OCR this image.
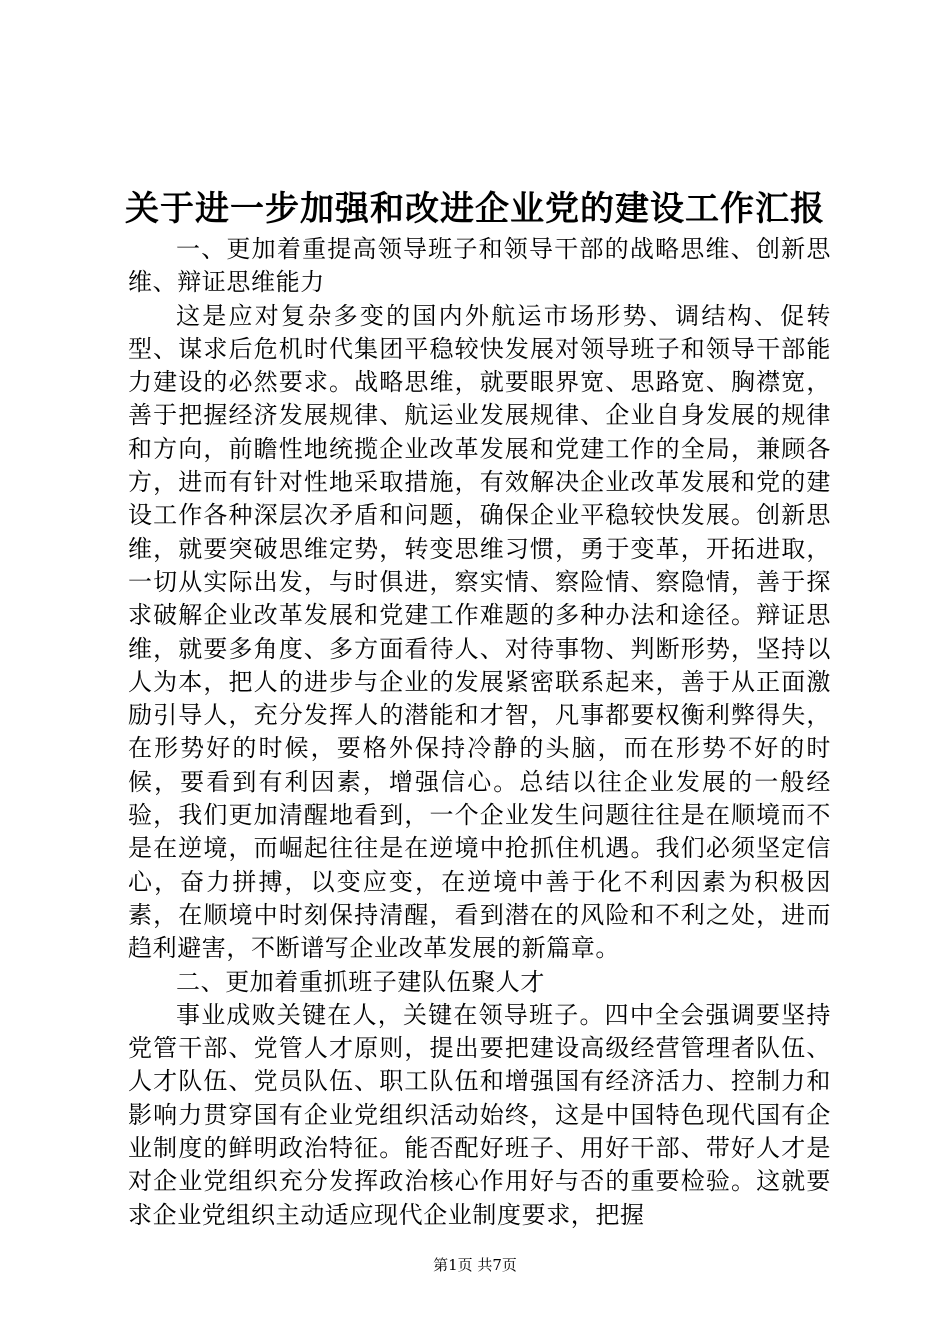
关于进一步加强和改进企业党的建设工作汇报

一、更加着重提高领导班子和领导干部的战略思维、创新思维、辩证思维能力

这是应对复杂多变的国内外航运市场形势、调结构、促转型、谋求后危机时代集团平稳较快发展对领导班子和领导干部能力建设的必然要求。战略思维，就要眼界宽、思路宽、胸襟宽，善于把握经济发展规律、航运业发展规律、企业自身发展的规律和方向，前瞻性地统揽企业改革发展和党建工作的全局，兼顾各方，进而有针对性地采取措施，有效解决企业改革发展和党的建设工作各种深层次矛盾和问题，确保企业平稳较快发展。创新思维，就要突破思维定势，转变思维习惯，勇于变革，开拓进取，一切从实际出发，与时俱进，察实情、察险情、察隐情，善于探求破解企业改革发展和党建工作难题的多种办法和途径。辩证思维，就要多角度、多方面看待人、对待事物、判断形势，坚持以人为本，把人的进步与企业的发展紧密联系起来，善于从正面激励引导人，充分发挥人的潜能和才智，凡事都要权衡利弊得失，在形势好的时候，要格外保持冷静的头脑，而在形势不好的时候，要看到有利因素，增强信心。总结以往企业发展的一般经验，我们更加清醒地看到，一个企业发生问题往往是在顺境而不是在逆境，而崛起往往是在逆境中抢抓住机遇。我们必须坚定信心，奋力拼搏，以变应变，在逆境中善于化不利因素为积极因素，在顺境中时刻保持清醒，看到潜在的风险和不利之处，进而趋利避害，不断谱写企业改革发展的新篇章。

二、更加着重抓班子建队伍聚人才

事业成败关键在人，关键在领导班子。四中全会强调要坚持党管干部、党管人才原则，提出要把建设高级经营管理者队伍、人才队伍、党员队伍、职工队伍和增强国有经济活力、控制力和影响力贯穿国有企业党组织活动始终，这是中国特色现代国有企业制度的鲜明政治特征。能否配好班子、用好干部、带好人才是对企业党组织充分发挥政治核心作用好与否的重要检验。这就要求企业党组织主动适应现代企业制度要求，把握

第1页 共7页
